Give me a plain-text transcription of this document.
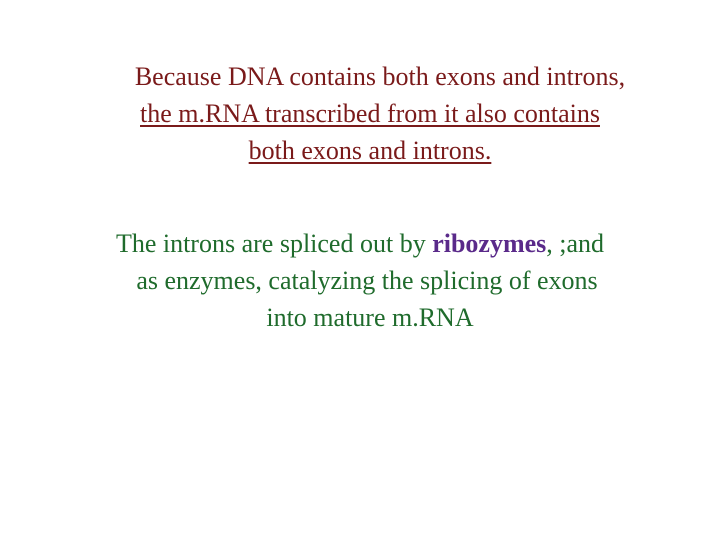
Because DNA contains both exons and introns,
the m.RNA transcribed from it also contains
both exons and introns.
The introns are spliced out by ribozymes, ;and
as enzymes, catalyzing the splicing of exons
into mature m.RNA
